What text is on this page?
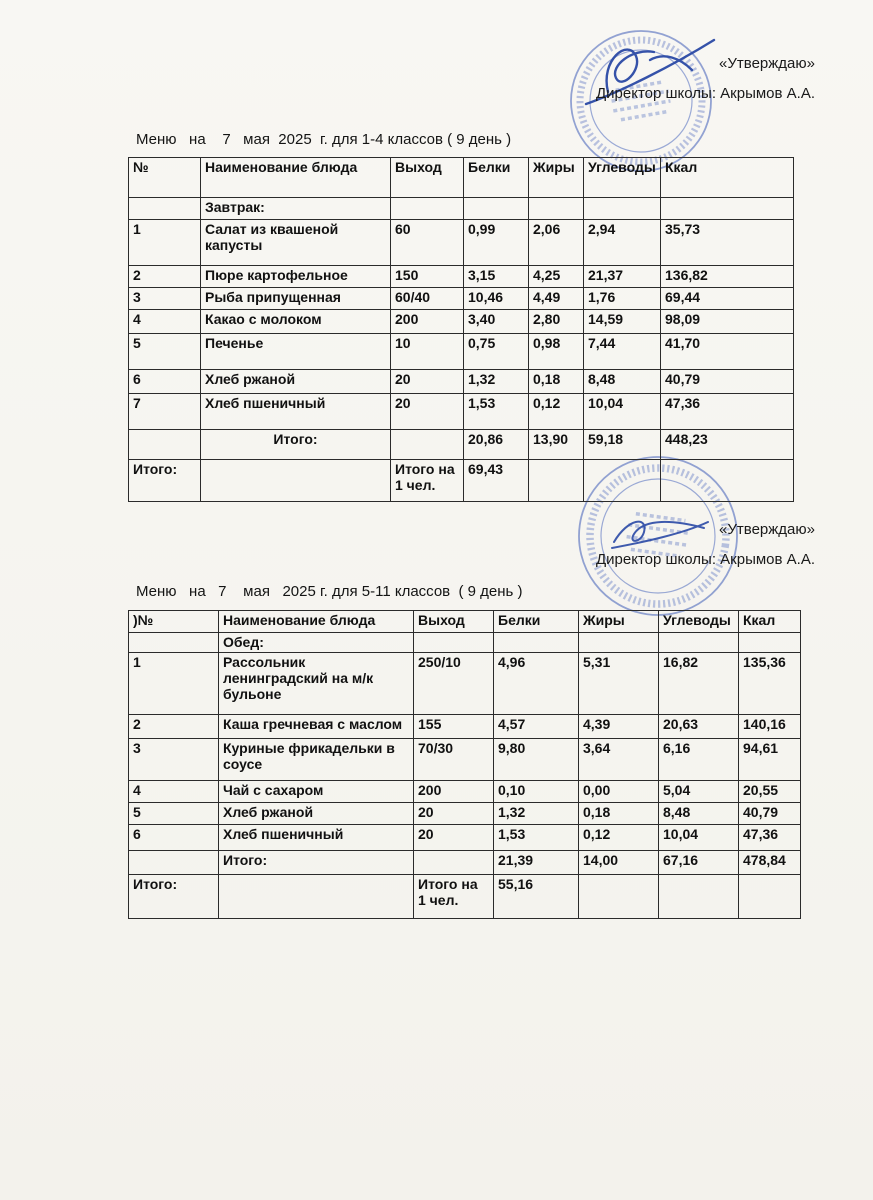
«Утверждаю»
Директор школы: Акрымов А.А.
Меню   на    7   мая  2025  г. для 1-4 классов ( 9 день )
№	Наименование блюда	Выход	Белки	Жиры	Углеводы	Ккал
	Завтрак:					
1	Салат из квашеной капусты	60	0,99	2,06	2,94	35,73
2	Пюре картофельное	150	3,15	4,25	21,37	136,82
3	Рыба припущенная	60/40	10,46	4,49	1,76	69,44
4	Какао с молоком	200	3,40	2,80	14,59	98,09
5	Печенье	10	0,75	0,98	7,44	41,70
6	Хлеб ржаной	20	1,32	0,18	8,48	40,79
7	Хлеб пшеничный	20	1,53	0,12	10,04	47,36
	Итого:		20,86	13,90	59,18	448,23
Итого:		Итого на 1 чел.	69,43			
«Утверждаю»
Директор школы: Акрымов А.А.
Меню   на   7    мая   2025 г. для 5-11 классов  ( 9 день )
)№	Наименование блюда	Выход	Белки	Жиры	Углеводы	Ккал
	Обед:					
1	Рассольник ленинградский на м/к бульоне	250/10	4,96	5,31	16,82	135,36
2	Каша гречневая с маслом	155	4,57	4,39	20,63	140,16
3	Куриные фрикадельки в соусе	70/30	9,80	3,64	6,16	94,61
4	Чай с сахаром	200	0,10	0,00	5,04	20,55
5	Хлеб ржаной	20	1,32	0,18	8,48	40,79
6	Хлеб пшеничный	20	1,53	0,12	10,04	47,36
	Итого:		21,39	14,00	67,16	478,84
Итого:		Итого на 1 чел.	55,16			
